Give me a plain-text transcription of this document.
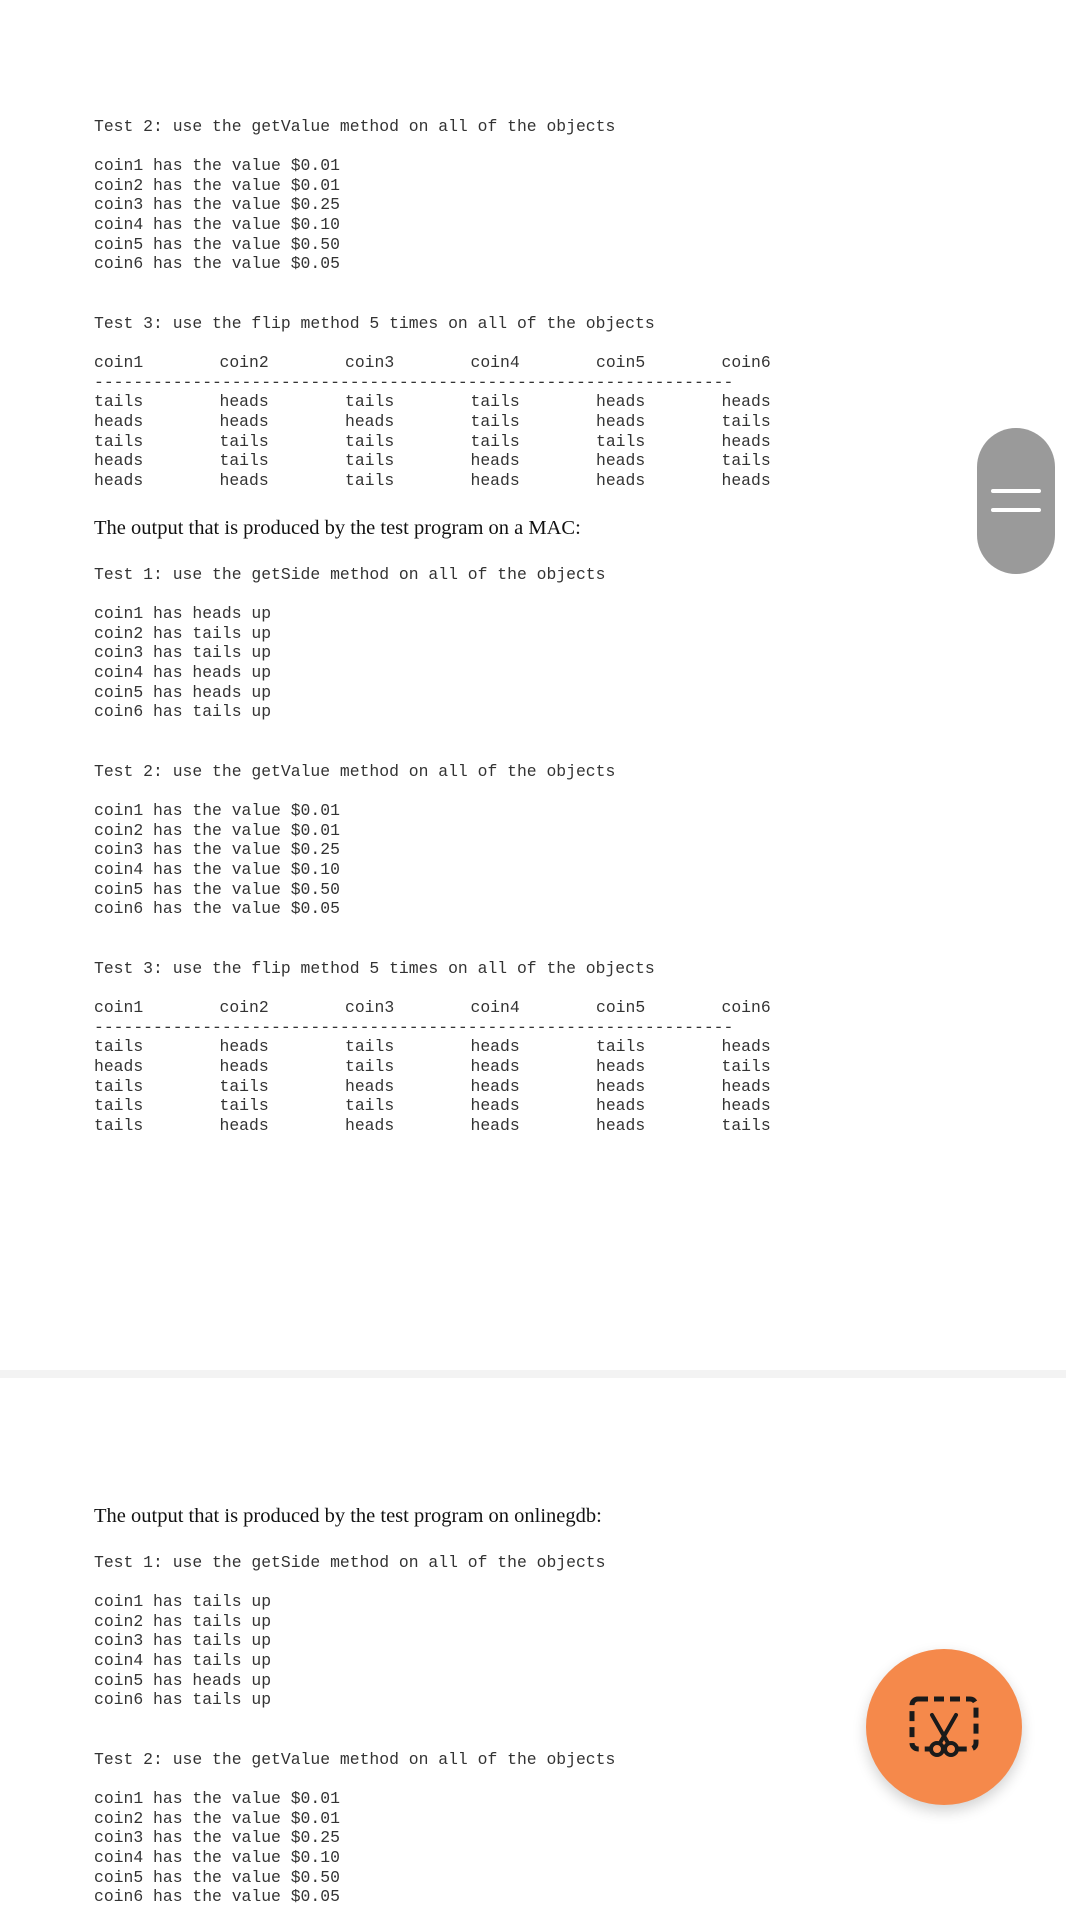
Test 2: use the getValue method on all of the objects
coin1 has the value $0.01
coin2 has the value $0.01
coin3 has the value $0.25
coin4 has the value $0.10
coin5 has the value $0.50
coin6 has the value $0.05
Test 3: use the flip method 5 times on all of the objects
coin1	coin2	coin3	coin4	coin5	coin6
-----------------------------------------------------------------
tails	heads	tails	tails	heads	heads
heads	heads	heads	tails	heads	tails
tails	tails	tails	tails	tails	heads
heads	tails	tails	heads	heads	tails
heads	heads	tails	heads	heads	heads
The output that is produced by the test program on a MAC:
Test 1: use the getSide method on all of the objects
coin1 has heads up
coin2 has tails up
coin3 has tails up
coin4 has heads up
coin5 has heads up
coin6 has tails up
Test 2: use the getValue method on all of the objects
coin1 has the value $0.01
coin2 has the value $0.01
coin3 has the value $0.25
coin4 has the value $0.10
coin5 has the value $0.50
coin6 has the value $0.05
Test 3: use the flip method 5 times on all of the objects
coin1	coin2	coin3	coin4	coin5	coin6
-----------------------------------------------------------------
tails	heads	tails	heads	tails	heads
heads	heads	tails	heads	heads	tails
tails	tails	heads	heads	heads	heads
tails	tails	tails	heads	heads	heads
tails	heads	heads	heads	heads	tails
The output that is produced by the test program on onlinegdb:
Test 1: use the getSide method on all of the objects
coin1 has tails up
coin2 has tails up
coin3 has tails up
coin4 has tails up
coin5 has heads up
coin6 has tails up
Test 2: use the getValue method on all of the objects
coin1 has the value $0.01
coin2 has the value $0.01
coin3 has the value $0.25
coin4 has the value $0.10
coin5 has the value $0.50
coin6 has the value $0.05
